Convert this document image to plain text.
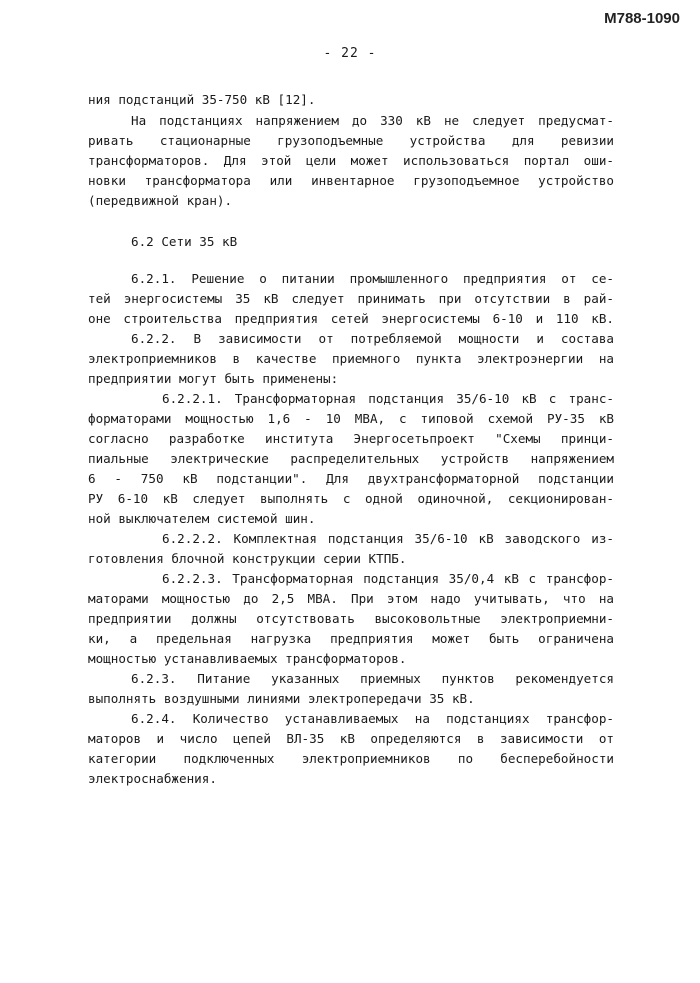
М788-1090
- 22 -
ния подстанций 35-750 кВ [12].
На подстанциях напряжением до 330 кВ не следует предусмат-
ривать стационарные грузоподъемные устройства для ревизии
трансформаторов. Для этой цели может использоваться портал оши-
новки трансформатора или инвентарное грузоподъемное устройство
(передвижной кран).
6.2 Сети 35 кВ
6.2.1. Решение о питании промышленного предприятия от се-
тей энергосистемы 35 кВ следует принимать при отсутствии в рай-
оне строительства предприятия сетей энергосистемы 6-10 и 110 кВ.
6.2.2. В зависимости от потребляемой мощности и состава
электроприемников в качестве приемного пункта электроэнергии на
предприятии могут быть применены:
6.2.2.1. Трансформаторная подстанция 35/6-10 кВ с транс-
форматорами мощностью 1,6 - 10 МВА, с типовой схемой РУ-35 кВ
согласно разработке института Энергосетьпроект "Схемы принци-
пиальные электрические распределительных устройств напряжением
6 - 750 кВ подстанции". Для двухтрансформаторной подстанции
РУ 6-10 кВ следует выполнять с одной одиночной, секционирован-
ной выключателем системой шин.
6.2.2.2. Комплектная подстанция 35/6-10 кВ заводского из-
готовления блочной конструкции серии КТПБ.
6.2.2.3. Трансформаторная подстанция 35/0,4 кВ с трансфор-
маторами мощностью до 2,5 МВА. При этом надо учитывать, что на
предприятии должны отсутствовать высоковольтные электроприемни-
ки, а предельная нагрузка предприятия может быть ограничена
мощностью устанавливаемых трансформаторов.
6.2.3. Питание указанных приемных пунктов рекомендуется
выполнять воздушными линиями электропередачи 35 кВ.
6.2.4. Количество устанавливаемых на подстанциях трансфор-
маторов и число цепей ВЛ-35 кВ определяются в зависимости от
категории подключенных электроприемников по бесперебойности
электроснабжения.
